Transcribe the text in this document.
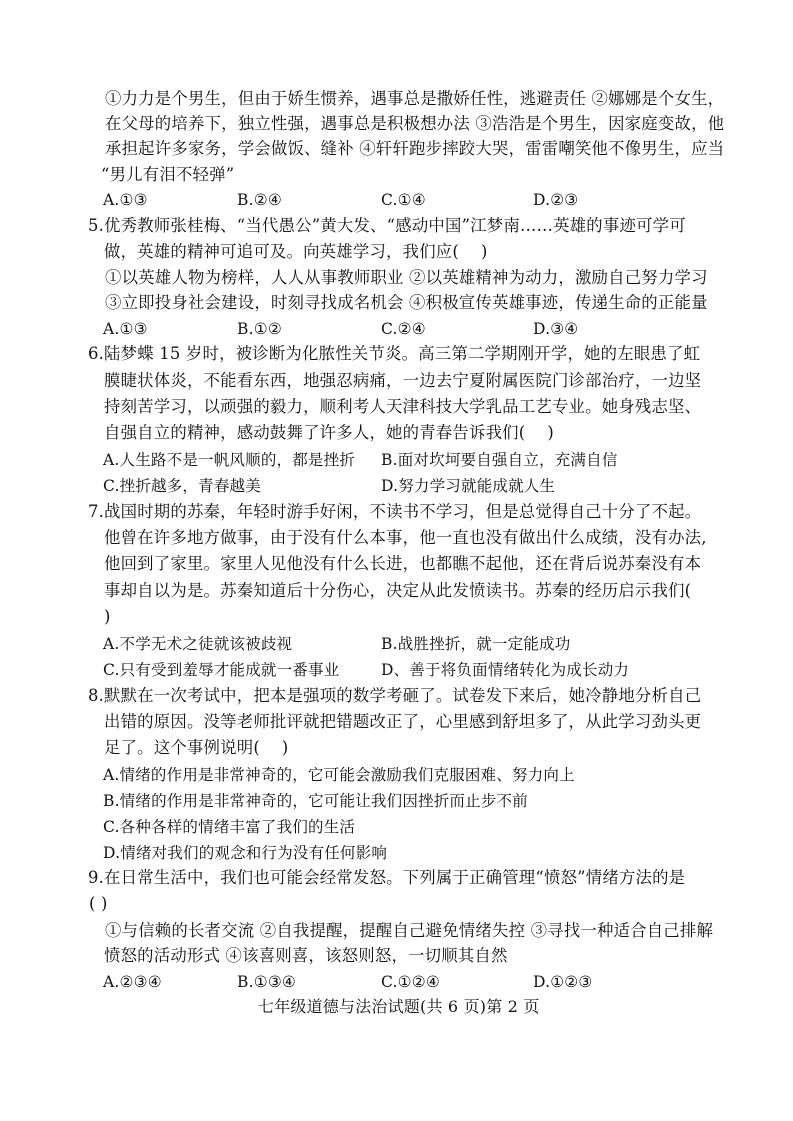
①力力是个男生，但由于娇生惯养，遇事总是撒娇任性，逃避责任 ②娜娜是个女生，
在父母的培养下，独立性强，遇事总是积极想办法 ③浩浩是个男生，因家庭变故，他
承担起许多家务，学会做饭、缝补 ④轩轩跑步摔跤大哭，雷雷嘲笑他不像男生，应当
“男儿有泪不轻弹”
A.①③	B.②④	C.①④	D.②③
5.优秀教师张桂梅、“当代愚公”黄大发、“感动中国”江梦南……英雄的事迹可学可
做，英雄的精神可追可及。向英雄学习，我们应(　 )
①以英雄人物为榜样，人人从事教师职业 ②以英雄精神为动力，激励自己努力学习
③立即投身社会建设，时刻寻找成名机会 ④积极宣传英雄事迹，传递生命的正能量
A.①③	B.①②	C.②④	D.③④
6.陆梦蝶 15 岁时，被诊断为化脓性关节炎。高三第二学期刚开学，她的左眼患了虹
膜睫状体炎，不能看东西，地强忍病痛，一边去宁夏附属医院门诊部治疗，一边坚
持刻苦学习，以顽强的毅力，顺利考人天津科技大学乳品工艺专业。她身残志坚、
自强自立的精神，感动鼓舞了许多人，她的青春告诉我们(　 )
A.人生路不是一帆风顺的，都是挫折 B.面对坎坷要自强自立，充满自信
C.挫折越多，青春越美	D.努力学习就能成就人生
7.战国时期的苏秦，年轻时游手好闲，不读书不学习，但是总觉得自己十分了不起。
他曾在许多地方做事，由于没有什么本事，他一直也没有做出什么成绩，没有办法,
他回到了家里。家里人见他没有什么长进，也都瞧不起他，还在背后说苏秦没有本
事却自以为是。苏秦知道后十分伤心，决定从此发愤读书。苏秦的经历启示我们(
)
A.不学无术之徒就该被歧视	B.战胜挫折，就一定能成功
C.只有受到羞辱才能成就一番事业	D、善于将负面情绪转化为成长动力
8.默默在一次考试中，把本是强项的数学考砸了。试卷发下来后，她冷静地分析自己
出错的原因。没等老师批评就把错题改正了，心里感到舒坦多了，从此学习劲头更
足了。这个事例说明(　 )
A.情绪的作用是非常神奇的，它可能会激励我们克服困难、努力向上
B.情绪的作用是非常神奇的，它可能让我们因挫折而止步不前
C.各种各样的情绪丰富了我们的生活
D.情绪对我们的观念和行为没有任何影响
9.在日常生活中，我们也可能会经常发怒。下列属于正确管理“愤怒”情绪方法的是
( )
①与信赖的长者交流 ②自我提醒，提醒自己避免情绪失控 ③寻找一种适合自己排解
愤怒的活动形式 ④该喜则喜，该怒则怒，一切顺其自然
A.②③④	B.①③④	C.①②④	D.①②③
七年级道德与法治试题(共 6 页)第 2 页
